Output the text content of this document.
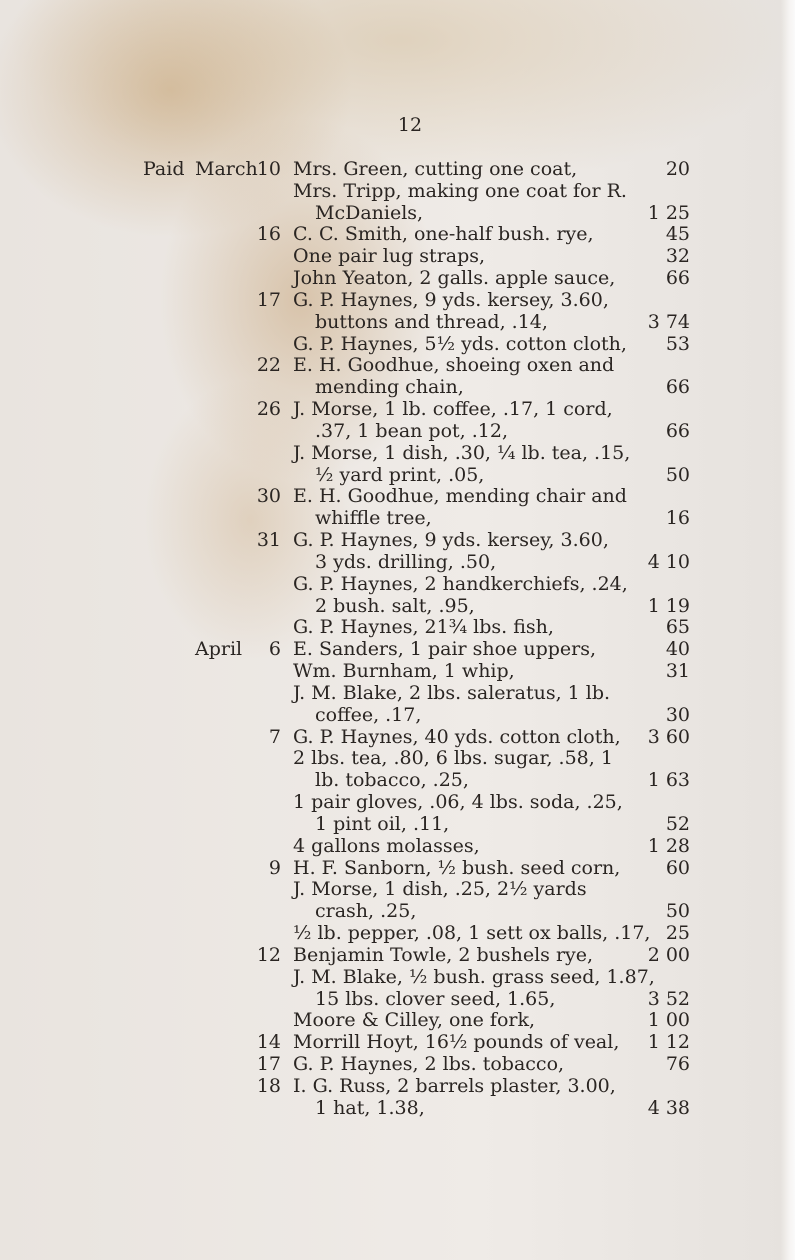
12
Paid March 10 Mrs. Green, cutting one coat,	20
Mrs. Tripp, making one coat for R.
McDaniels,	1 25
16 C. C. Smith, one-half bush. rye,	45
One pair lug straps,	32
John Yeaton, 2 galls. apple sauce,	66
17 G. P. Haynes, 9 yds. kersey, 3.60,
buttons and thread, .14,	3 74
G. P. Haynes, 5½ yds. cotton cloth, 53
22 E. H. Goodhue, shoeing oxen and
mending chain,	66
26 J. Morse, 1 lb. coffee, .17, 1 cord,
.37, 1 bean pot, .12,	66
J. Morse, 1 dish, .30, ¼ lb. tea, .15,
½ yard print, .05,	50
30 E. H. Goodhue, mending chair and
whiffle tree,	16
31 G. P. Haynes, 9 yds. kersey, 3.60,
3 yds. drilling, .50,	4 10
G. P. Haynes, 2 handkerchiefs, .24,
2 bush. salt, .95,	1 19
G. P. Haynes, 21¾ lbs. fish,	65
April 6 E. Sanders, 1 pair shoe uppers,	40
Wm. Burnham, 1 whip,	31
J. M. Blake, 2 lbs. saleratus, 1 lb.
coffee, .17,	30
7 G. P. Haynes, 40 yds. cotton cloth, 3 60
2 lbs. tea, .80, 6 lbs. sugar, .58, 1
lb. tobacco, .25,	1 63
1 pair gloves, .06, 4 lbs. soda, .25,
1 pint oil, .11,	52
4 gallons molasses,	1 28
9 H. F. Sanborn, ½ bush. seed corn, 60
J. Morse, 1 dish, .25, 2½ yards
crash, .25,	50
½ lb. pepper, .08, 1 sett ox balls, .17, 25
12 Benjamin Towle, 2 bushels rye,	2 00
J. M. Blake, ½ bush. grass seed, 1.87,
15 lbs. clover seed, 1.65,	3 52
Moore & Cilley, one fork,	1 00
14 Morrill Hoyt, 16½ pounds of veal, 1 12
17 G. P. Haynes, 2 lbs. tobacco,	76
18 I. G. Russ, 2 barrels plaster, 3.00,
1 hat, 1.38,	4 38
